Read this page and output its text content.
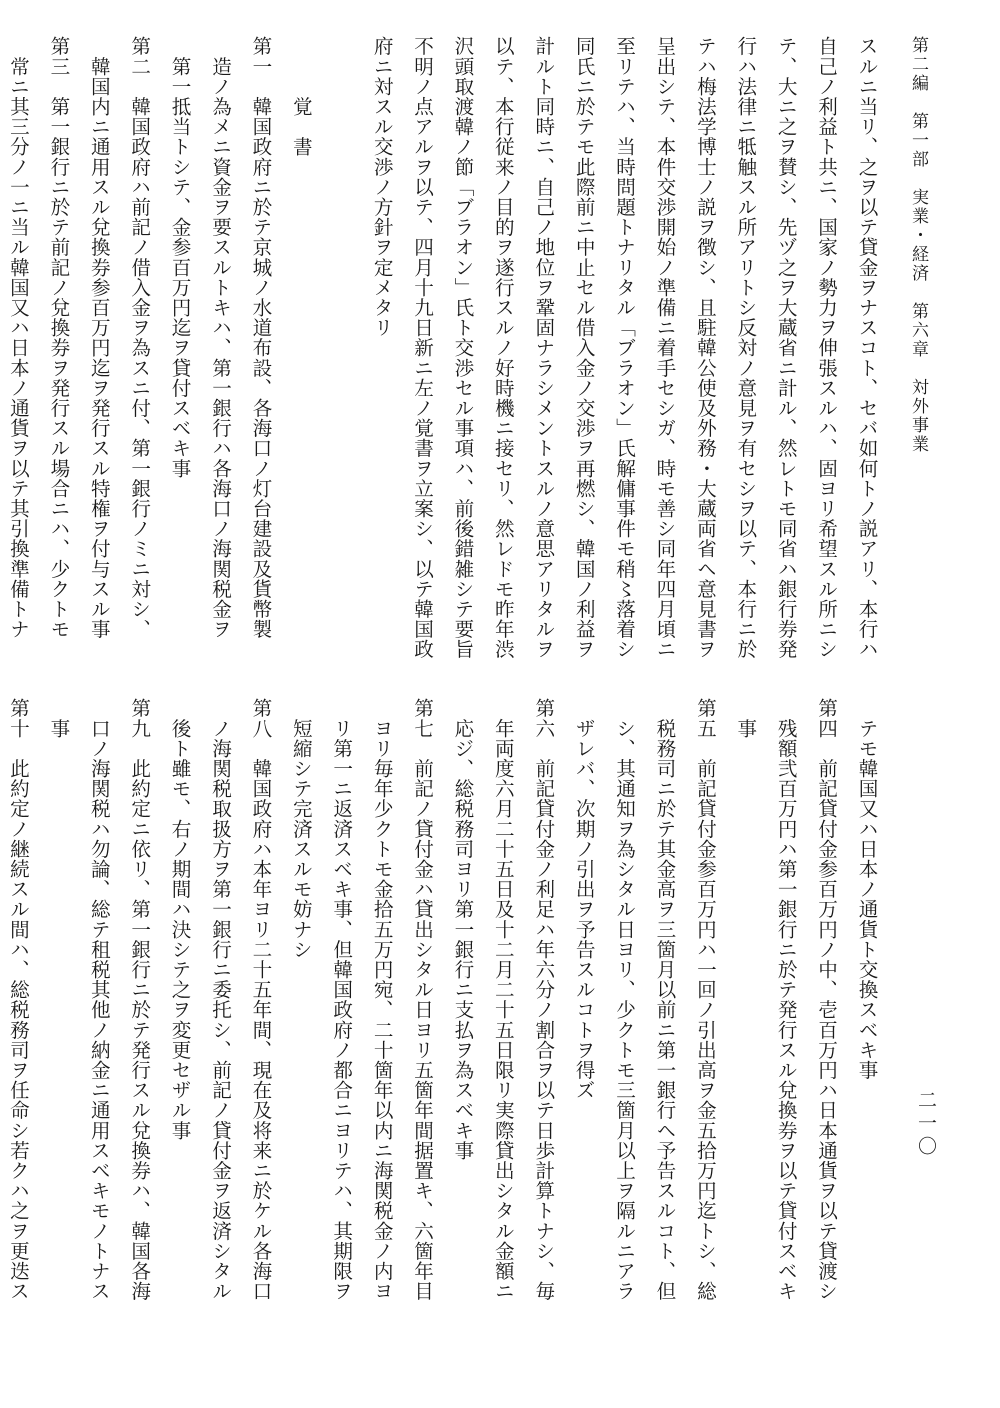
第二編　第一部　実業・経済　第六章　対外事業
二一〇
スルニ当リ、之ヲ以テ貸金ヲナスコト、セバ如何トノ説アリ、本行ハ
自己ノ利益ト共ニ、国家ノ勢力ヲ伸張スルハ、固ヨリ希望スル所ニシ
テ、大ニ之ヲ賛シ、先ヅ之ヲ大蔵省ニ計ル、然レトモ同省ハ銀行券発
行ハ法律ニ牴触スル所アリトシ反対ノ意見ヲ有セシヲ以テ、本行ニ於
テハ梅法学博士ノ説ヲ徴シ、且駐韓公使及外務・大蔵両省ヘ意見書ヲ
呈出シテ、本件交渉開始ノ準備ニ着手セシガ、時モ善シ同年四月頃ニ
至リテハ、当時問題トナリタル「ブラオン」氏解傭事件モ稍〻落着シ
同氏ニ於テモ此際前ニ中止セル借入金ノ交渉ヲ再燃シ、韓国ノ利益ヲ
計ルト同時ニ、自己ノ地位ヲ鞏固ナラシメントスルノ意思アリタルヲ
以テ、本行従来ノ目的ヲ遂行スルノ好時機ニ接セリ、然レドモ昨年渋
沢頭取渡韓ノ節「ブラオン」氏ト交渉セル事項ハ、前後錯雑シテ要旨
不明ノ点アルヲ以テ、四月十九日新ニ左ノ覚書ヲ立案シ、以テ韓国政
府ニ対スル交渉ノ方針ヲ定メタリ

　　　覚　書
第一　韓国政府ニ於テ京城ノ水道布設、各海口ノ灯台建設及貨幣製
　造ノ為メニ資金ヲ要スルトキハ、第一銀行ハ各海口ノ海関税金ヲ
　第一抵当トシテ、金参百万円迄ヲ貸付スベキ事
第二　韓国政府ハ前記ノ借入金ヲ為スニ付、第一銀行ノミニ対シ、
　韓国内ニ通用スル兌換券参百万円迄ヲ発行スル特権ヲ付与スル事
第三　第一銀行ニ於テ前記ノ兌換券ヲ発行スル場合ニハ、少クトモ
　常ニ其三分ノ一ニ当ル韓国又ハ日本ノ通貨ヲ以テ其引換準備トナ
　テモ韓国又ハ日本ノ通貨ト交換スベキ事
第四　前記貸付金参百万円ノ中、壱百万円ハ日本通貨ヲ以テ貸渡シ
　残額弐百万円ハ第一銀行ニ於テ発行スル兌換券ヲ以テ貸付スベキ
　事
第五　前記貸付金参百万円ハ一回ノ引出高ヲ金五拾万円迄トシ、総
　税務司ニ於テ其金高ヲ三箇月以前ニ第一銀行ヘ予告スルコト、但
　シ、其通知ヲ為シタル日ヨリ、少クトモ三箇月以上ヲ隔ルニアラ
　ザレバ、次期ノ引出ヲ予告スルコトヲ得ズ
第六　前記貸付金ノ利足ハ年六分ノ割合ヲ以テ日歩計算トナシ、毎
　年両度六月二十五日及十二月二十五日限リ実際貸出シタル金額ニ
　応ジ、総税務司ヨリ第一銀行ニ支払ヲ為スベキ事
第七　前記ノ貸付金ハ貸出シタル日ヨリ五箇年間据置キ、六箇年目
　ヨリ毎年少クトモ金拾五万円宛、二十箇年以内ニ海関税金ノ内ヨ
　リ第一ニ返済スベキ事、但韓国政府ノ都合ニヨリテハ、其期限ヲ
　短縮シテ完済スルモ妨ナシ
第八　韓国政府ハ本年ヨリ二十五年間、現在及将来ニ於ケル各海口
　ノ海関税取扱方ヲ第一銀行ニ委托シ、前記ノ貸付金ヲ返済シタル
　後ト雖モ、右ノ期間ハ決シテ之ヲ変更セザル事
第九　此約定ニ依リ、第一銀行ニ於テ発行スル兌換券ハ、韓国各海
　口ノ海関税ハ勿論、総テ租税其他ノ納金ニ通用スベキモノトナス
　事
第十　此約定ノ継続スル間ハ、総税務司ヲ任命シ若クハ之ヲ更迭ス
